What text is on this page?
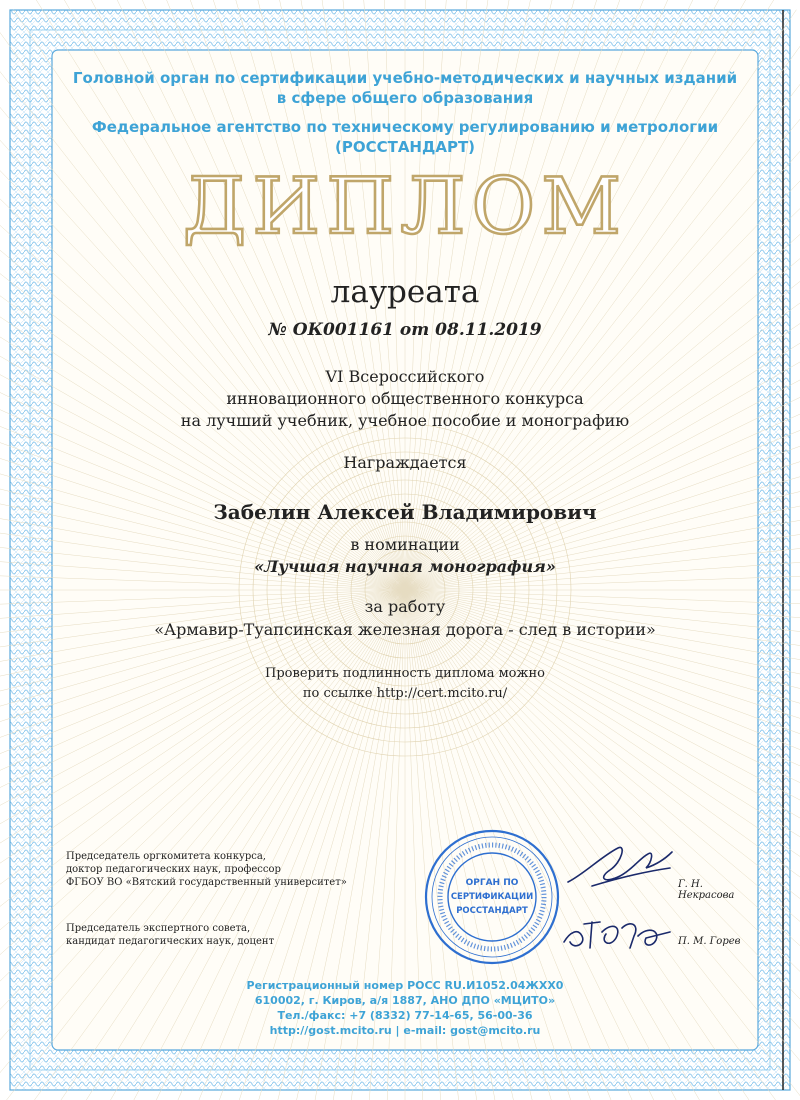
Головной орган по сертификации учебно-методических и научных изданий
в сфере общего образования
Федеральное агентство по техническому регулированию и метрологии
(РОССТАНДАРТ)
ДИПЛОМ
лауреата
№ ОК001161 от 08.11.2019
VI Всероссийского
инновационного общественного конкурса
на лучший учебник, учебное пособие и монографию
Награждается
Забелин Алексей Владимирович
в номинации
«Лучшая научная монография»
за работу
«Армавир-Туапсинская железная дорога - след в истории»
Проверить подлинность диплома можно
по ссылке http://cert.mcito.ru/
Председатель оргкомитета конкурса,
доктор педагогических наук, профессор
ФГБОУ ВО «Вятский государственный университет»
Председатель экспертного совета,
кандидат педагогических наук, доцент
ОРГАН ПО
СЕРТИФИКАЦИИ
РОССТАНДАРТ
Г. Н. Некрасова
П. М. Горев
Регистрационный номер РОСС RU.И1052.04ЖХХ0
610002, г. Киров, а/я 1887, АНО ДПО «МЦИТО»
Тел./факс: +7 (8332) 77-14-65, 56-00-36
http://gost.mcito.ru | e-mail: gost@mcito.ru
